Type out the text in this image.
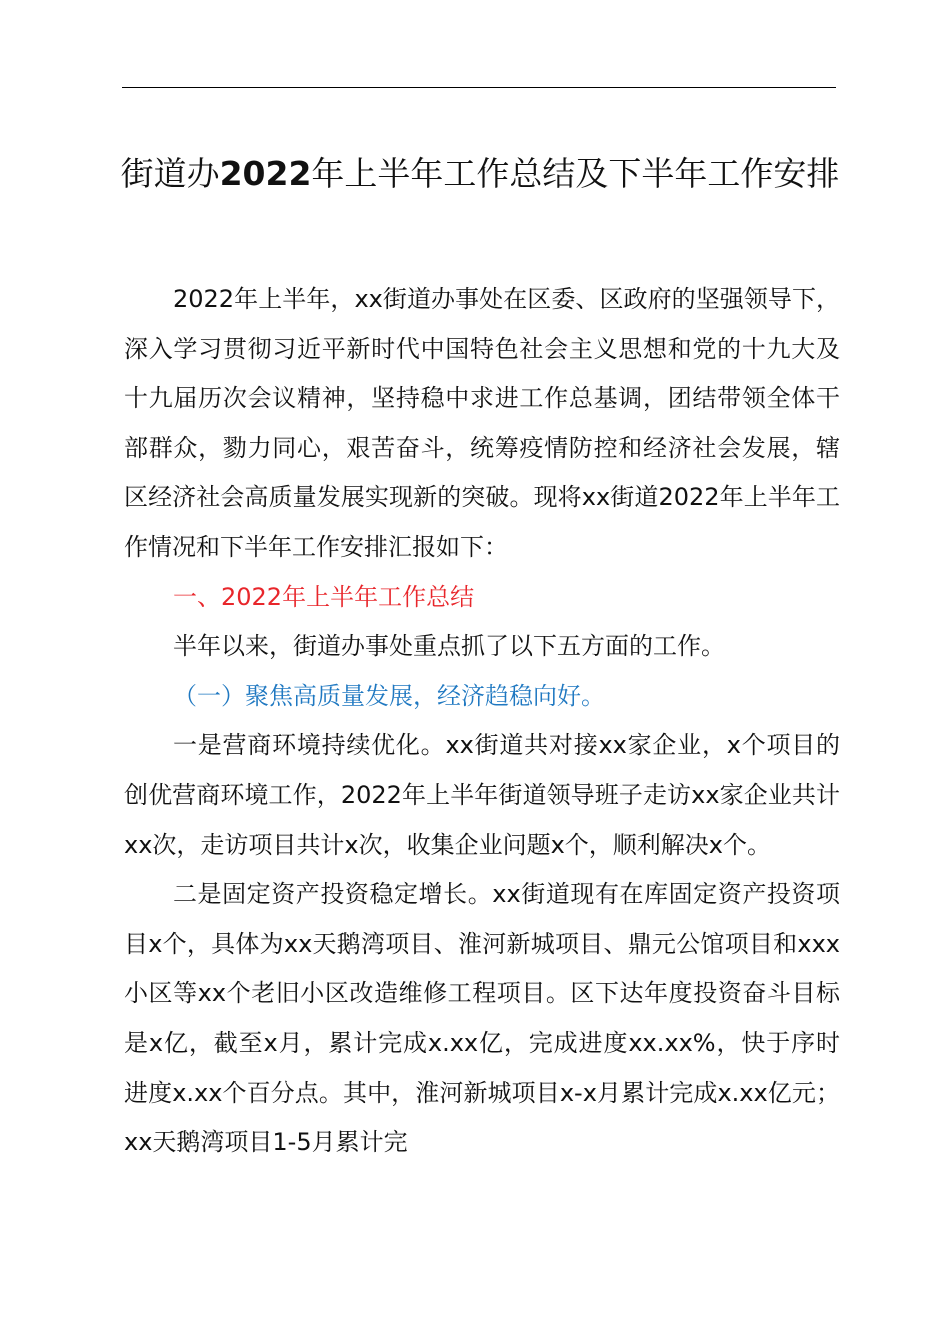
街道办2022年上半年工作总结及下半年工作安排

2022年上半年，xx街道办事处在区委、区政府的坚强领导下，深入学习贯彻习近平新时代中国特色社会主义思想和党的十九大及十九届历次会议精神，坚持稳中求进工作总基调，团结带领全体干部群众，勠力同心，艰苦奋斗，统筹疫情防控和经济社会发展，辖区经济社会高质量发展实现新的突破。现将xx街道2022年上半年工作情况和下半年工作安排汇报如下：

一、2022年上半年工作总结

半年以来，街道办事处重点抓了以下五方面的工作。

（一）聚焦高质量发展，经济趋稳向好。

一是营商环境持续优化。xx街道共对接xx家企业，x个项目的创优营商环境工作，2022年上半年街道领导班子走访xx家企业共计xx次，走访项目共计x次，收集企业问题x个，顺利解决x个。

二是固定资产投资稳定增长。xx街道现有在库固定资产投资项目x个，具体为xx天鹅湾项目、淮河新城项目、鼎元公馆项目和xxx小区等xx个老旧小区改造维修工程项目。区下达年度投资奋斗目标是x亿，截至x月，累计完成x.xx亿，完成进度xx.xx%，快于序时进度x.xx个百分点。其中，淮河新城项目x-x月累计完成x.xx亿元；xx天鹅湾项目1-5月累计完
